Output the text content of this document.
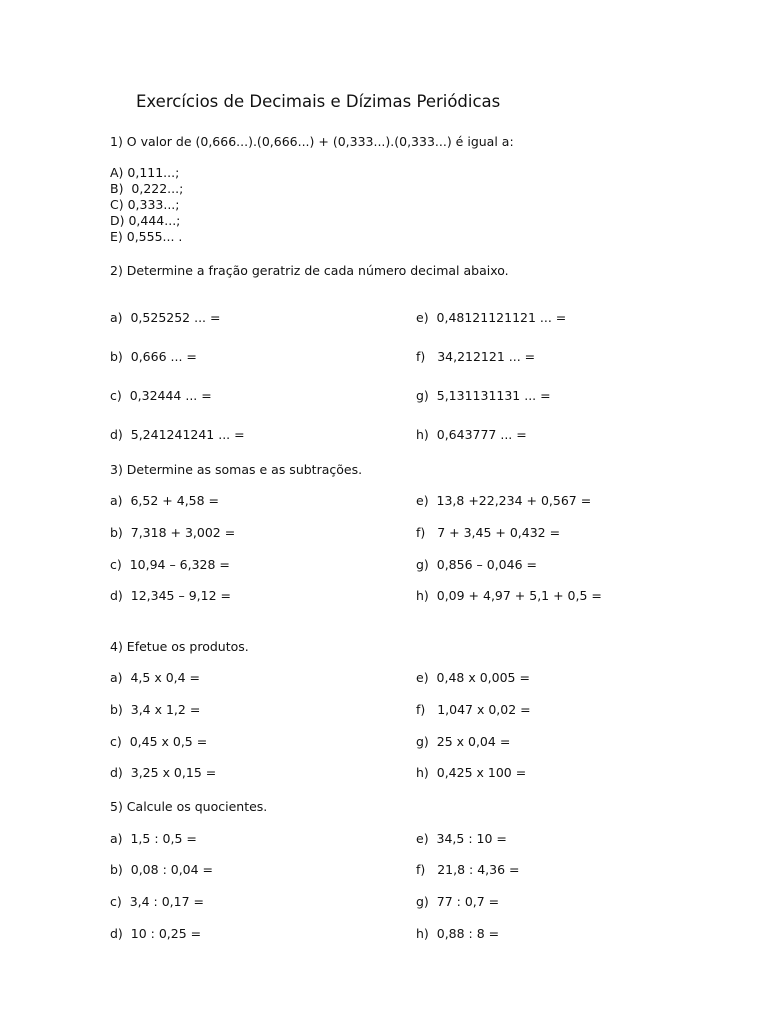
Exercícios de Decimais e Dízimas Periódicas
1) O valor de (0,666...).(0,666...) + (0,333...).(0,333...) é igual a:
A) 0,111...;
B)  0,222...;
C) 0,333...;
D) 0,444...;
E) 0,555... .
2) Determine a fração geratriz de cada número decimal abaixo.
a)  0,525252 ... =
b)  0,666 ... =
c)  0,32444 ... =
d)  5,241241241 ... =
e)  0,48121121121 ... =
f)   34,212121 ... =
g)  5,131131131 ... =
h)  0,643777 ... =
3) Determine as somas e as subtrações.
a)  6,52 + 4,58 =
b)  7,318 + 3,002 =
c)  10,94 – 6,328 =
d)  12,345 – 9,12 =
e)  13,8 +22,234 + 0,567 =
f)   7 + 3,45 + 0,432 =
g)  0,856 – 0,046 =
h)  0,09 + 4,97 + 5,1 + 0,5 =
4) Efetue os produtos.
a)  4,5 x 0,4 =
b)  3,4 x 1,2 =
c)  0,45 x 0,5 =
d)  3,25 x 0,15 =
e)  0,48 x 0,005 =
f)   1,047 x 0,02 =
g)  25 x 0,04 =
h)  0,425 x 100 =
5) Calcule os quocientes.
a)  1,5 : 0,5 =
b)  0,08 : 0,04 =
c)  3,4 : 0,17 =
d)  10 : 0,25 =
e)  34,5 : 10 =
f)   21,8 : 4,36 =
g)  77 : 0,7 =
h)  0,88 : 8 =
